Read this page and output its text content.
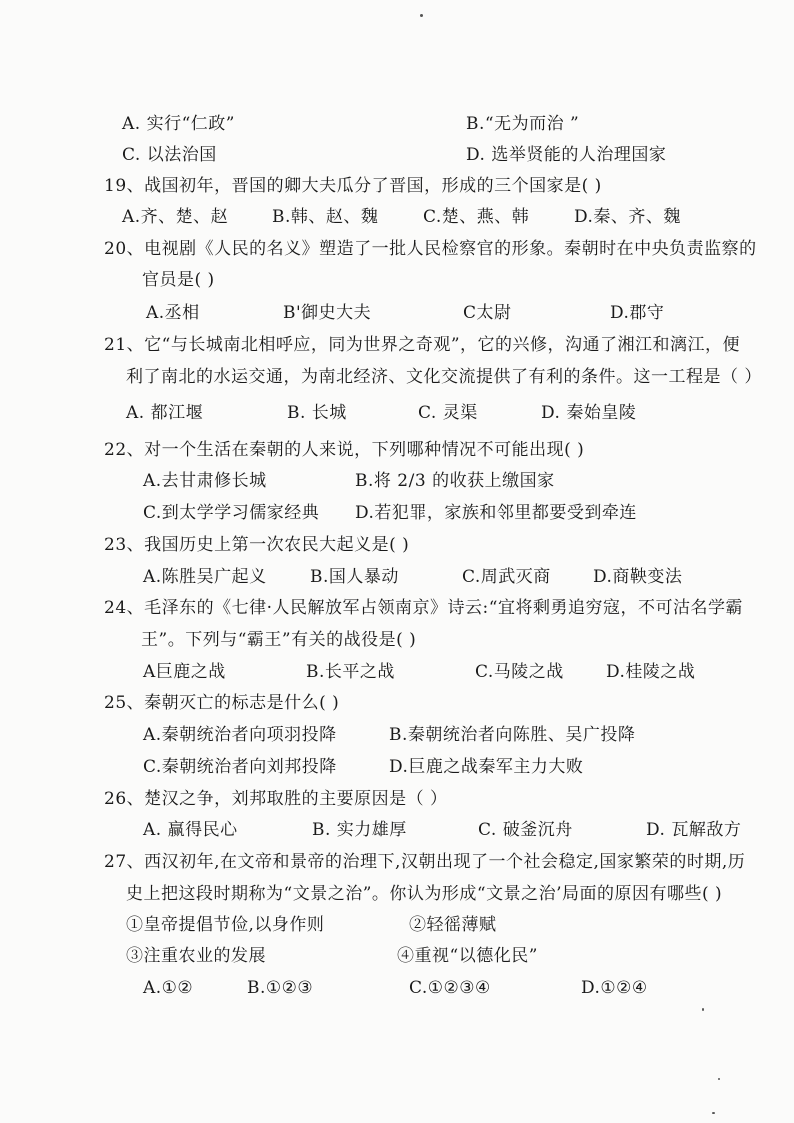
A. 实行“仁政”	B.“无为而治 ”
C. 以法治国	D. 选举贤能的人治理国家
19、战国初年，晋国的卿大夫瓜分了晋国，形成的三个国家是( )
A.齐、楚、赵	B.韩、赵、魏	C.楚、燕、韩	D.秦、齐、魏
20、电视剧《人民的名义》塑造了一批人民检察官的形象。秦朝时在中央负责监察的
官员是( )
A.丞相	B'御史大夫	C太尉	D.郡守
21、它“与长城南北相呼应，同为世界之奇观”，它的兴修，沟通了湘江和漓江，便
利了南北的水运交通，为南北经济、文化交流提供了有利的条件。这一工程是（ ）
A. 都江堰	B. 长城	C. 灵渠	D. 秦始皇陵
22、对一个生活在秦朝的人来说，下列哪种情况不可能出现( )
A.去甘肃修长城	B.将 2/3 的收获上缴国家
C.到太学学习儒家经典 D.若犯罪，家族和邻里都要受到牵连
23、我国历史上第一次农民大起义是( )
A.陈胜吴广起义	B.国人暴动	C.周武灭商 D.商鞅变法
24、毛泽东的《七律·人民解放军占领南京》诗云:“宜将剩勇追穷寇，不可沽名学霸
王”。下列与“霸王”有关的战役是( )
A巨鹿之战	B.长平之战	C.马陵之战 D.桂陵之战
25、秦朝灭亡的标志是什么( )
A.秦朝统治者向项羽投降	B.秦朝统治者向陈胜、吴广投降
C.秦朝统治者向刘邦投降	D.巨鹿之战秦军主力大败
26、楚汉之争，刘邦取胜的主要原因是（ ）
A. 赢得民心	B. 实力雄厚	C. 破釜沉舟	D. 瓦解敌方
27、西汉初年,在文帝和景帝的治理下,汉朝出现了一个社会稳定,国家繁荣的时期,历
史上把这段时期称为“文景之治”。你认为形成“文景之治’局面的原因有哪些( )
①皇帝提倡节俭,以身作则	②轻徭薄赋
③注重农业的发展	④重视“以德化民”
A.①②	B.①②③	C.①②③④	D.①②④
